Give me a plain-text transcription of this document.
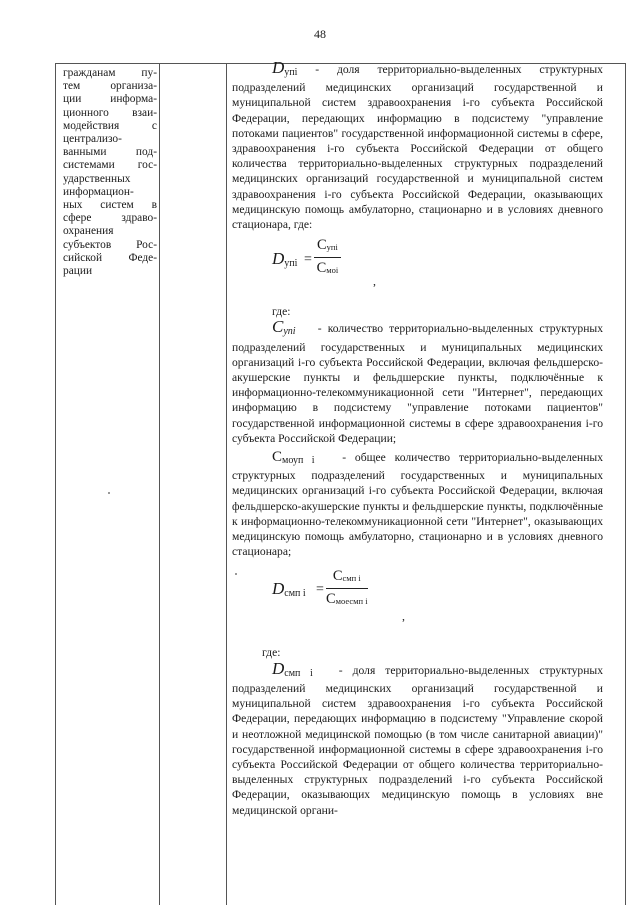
48
гражданам пу-
тем организа-
ции информа-
ционного взаи-
модействия с
централизо-
ванными под-
системами гос-
ударственных
информацион-
ных систем в
сфере здраво-
охранения
субъектов Рос-
сийской Феде-
рации

$D_{упi}$ - доля территориально-выделенных структурных подразделений медицинских организаций государственной и муниципальной систем здравоохранения i-го субъекта Российской Федерации, передающих информацию в подсистему "управление потоками пациентов" государственной информационной системы в сфере, здравоохранения i-го субъекта Российской Федерации от общего количества территориально-выделенных структурных подразделений медицинских организаций государственной и муниципальной систем здравоохранения i-го субъекта Российской Федерации, оказывающих медицинскую помощь амбулаторно, стационарно и в условиях дневного стационара, где:

$D_{упi}$ =
Cупi
Cмоi
,

где:

Cупi - количество территориально-выделенных структурных подразделений государственных и муниципальных медицинских организаций i-го субъекта Российской Федерации, включая фельдшерско-акушерские пункты и фельдшерские пункты, подключённые к информационно-телекоммуникационной сети "Интернет", передающих информацию в подсистему "управление потоками пациентов" государственной информационной системы в сфере здравоохранения i-го субъекта Российской Федерации;

Cмоуп i - общее количество территориально-выделенных структурных подразделений государственных и муниципальных медицинских организаций i-го субъекта Российской Федерации, включая фельдшерско-акушерские пункты и фельдшерские пункты, подключённые к информационно-телекоммуникационной сети "Интернет", оказывающих медицинскую помощь амбулаторно, стационарно и в условиях дневного стационара;

$D_{смп i}$ =
Cсмп i
Cмоесмп i
,

где:

$D_{смп i}$ - доля территориально-выделенных структурных подразделений медицинских организаций государственной и муниципальной систем здравоохранения i-го субъекта Российской Федерации, передающих информацию в подсистему "Управление скорой и неотложной медицинской помощью (в том числе санитарной авиации)" государственной информационной системы в сфере здравоохранения i-го субъекта Российской Федерации от общего количества территориально-выделенных структурных подразделений i-го субъекта Российской Федерации, оказывающих медицинскую помощь в условиях вне медицинской органи-
